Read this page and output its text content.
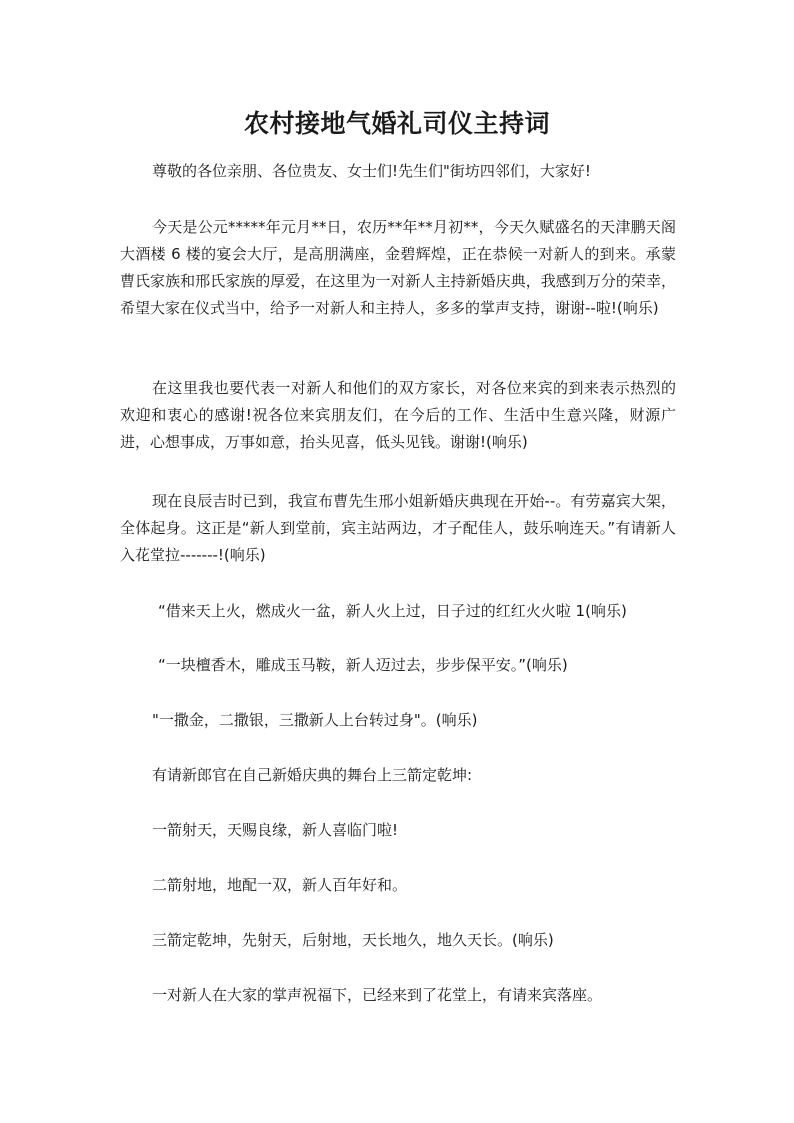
农村接地气婚礼司仪主持词

尊敬的各位亲朋、各位贵友、女士们!先生们"街坊四邻们，大家好!

今天是公元*****年元月**日，农历**年**月初**，今天久赋盛名的天津鹏天阁大酒楼 6 楼的宴会大厅，是高朋满座，金碧辉煌，正在恭候一对新人的到来。承蒙曹氏家族和邢氏家族的厚爱，在这里为一对新人主持新婚庆典，我感到万分的荣幸，希望大家在仪式当中，给予一对新人和主持人，多多的掌声支持，谢谢--啦!(响乐)

在这里我也要代表一对新人和他们的双方家长，对各位来宾的到来表示热烈的欢迎和衷心的感谢!祝各位来宾朋友们，在今后的工作、生活中生意兴隆，财源广进，心想事成，万事如意，抬头见喜，低头见钱。谢谢!(响乐)

现在良辰吉时已到，我宣布曹先生邢小姐新婚庆典现在开始--。有劳嘉宾大架，全体起身。这正是“新人到堂前，宾主站两边，才子配佳人，鼓乐响连天。”有请新人入花堂拉-------!(响乐)

“借来天上火，燃成火一盆，新人火上过，日子过的红红火火啦 1(响乐)

“一块檀香木，雕成玉马鞍，新人迈过去，步步保平安。”(响乐)

"一撒金，二撒银，三撒新人上台转过身"。(响乐)

有请新郎官在自己新婚庆典的舞台上三箭定乾坤:

一箭射天，天赐良缘，新人喜临门啦!

二箭射地，地配一双，新人百年好和。

三箭定乾坤，先射天，后射地，天长地久，地久天长。(响乐)

一对新人在大家的掌声祝福下，已经来到了花堂上，有请来宾落座。
